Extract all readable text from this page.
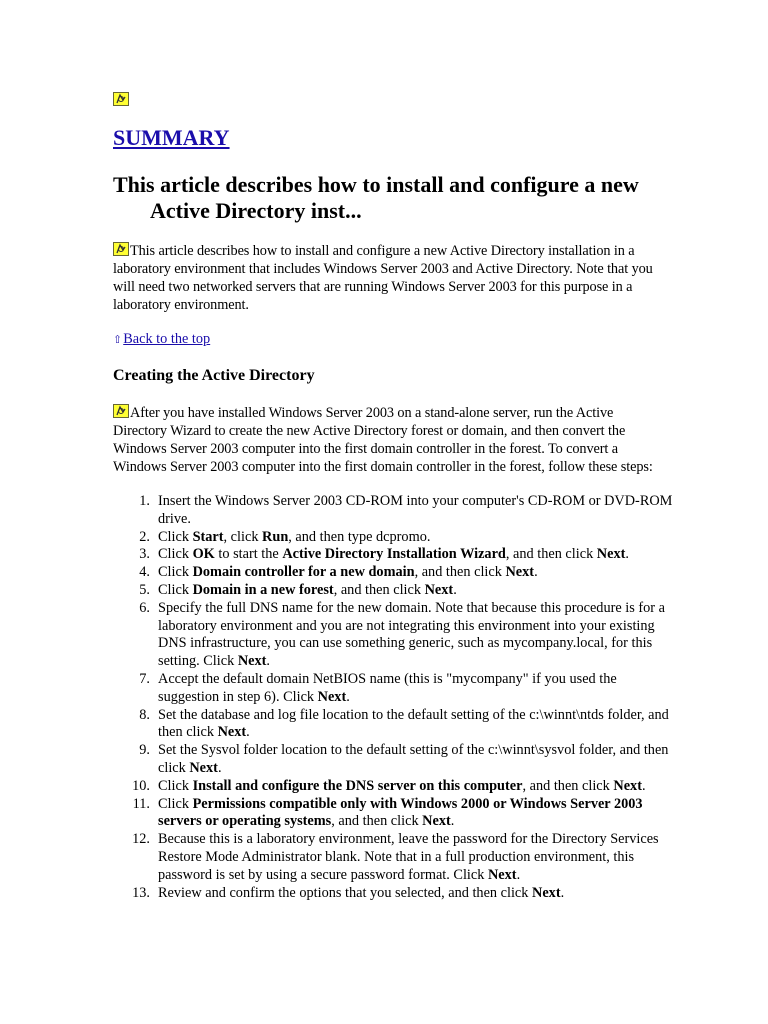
SUMMARY
This article describes how to install and configure a new
Active Directory inst...

This article describes how to install and configure a new Active Directory installation in a laboratory environment that includes Windows Server 2003 and Active Directory. Note that you will need two networked servers that are running Windows Server 2003 for this purpose in a laboratory environment.

⇧Back to the top
Creating the Active Directory

After you have installed Windows Server 2003 on a stand-alone server, run the Active Directory Wizard to create the new Active Directory forest or domain, and then convert the Windows Server 2003 computer into the first domain controller in the forest. To convert a Windows Server 2003 computer into the first domain controller in the forest, follow these steps:

1. Insert the Windows Server 2003 CD-ROM into your computer's CD-ROM or DVD-ROM drive.
2. Click Start, click Run, and then type dcpromo.
3. Click OK to start the Active Directory Installation Wizard, and then click Next.
4. Click Domain controller for a new domain, and then click Next.
5. Click Domain in a new forest, and then click Next.
6. Specify the full DNS name for the new domain. Note that because this procedure is for a laboratory environment and you are not integrating this environment into your existing DNS infrastructure, you can use something generic, such as mycompany.local, for this setting. Click Next.
7. Accept the default domain NetBIOS name (this is "mycompany" if you used the suggestion in step 6). Click Next.
8. Set the database and log file location to the default setting of the c:\winnt\ntds folder, and then click Next.
9. Set the Sysvol folder location to the default setting of the c:\winnt\sysvol folder, and then click Next.
10. Click Install and configure the DNS server on this computer, and then click Next.
11. Click Permissions compatible only with Windows 2000 or Windows Server 2003 servers or operating systems, and then click Next.
12. Because this is a laboratory environment, leave the password for the Directory Services Restore Mode Administrator blank. Note that in a full production environment, this password is set by using a secure password format. Click Next.
13. Review and confirm the options that you selected, and then click Next.
